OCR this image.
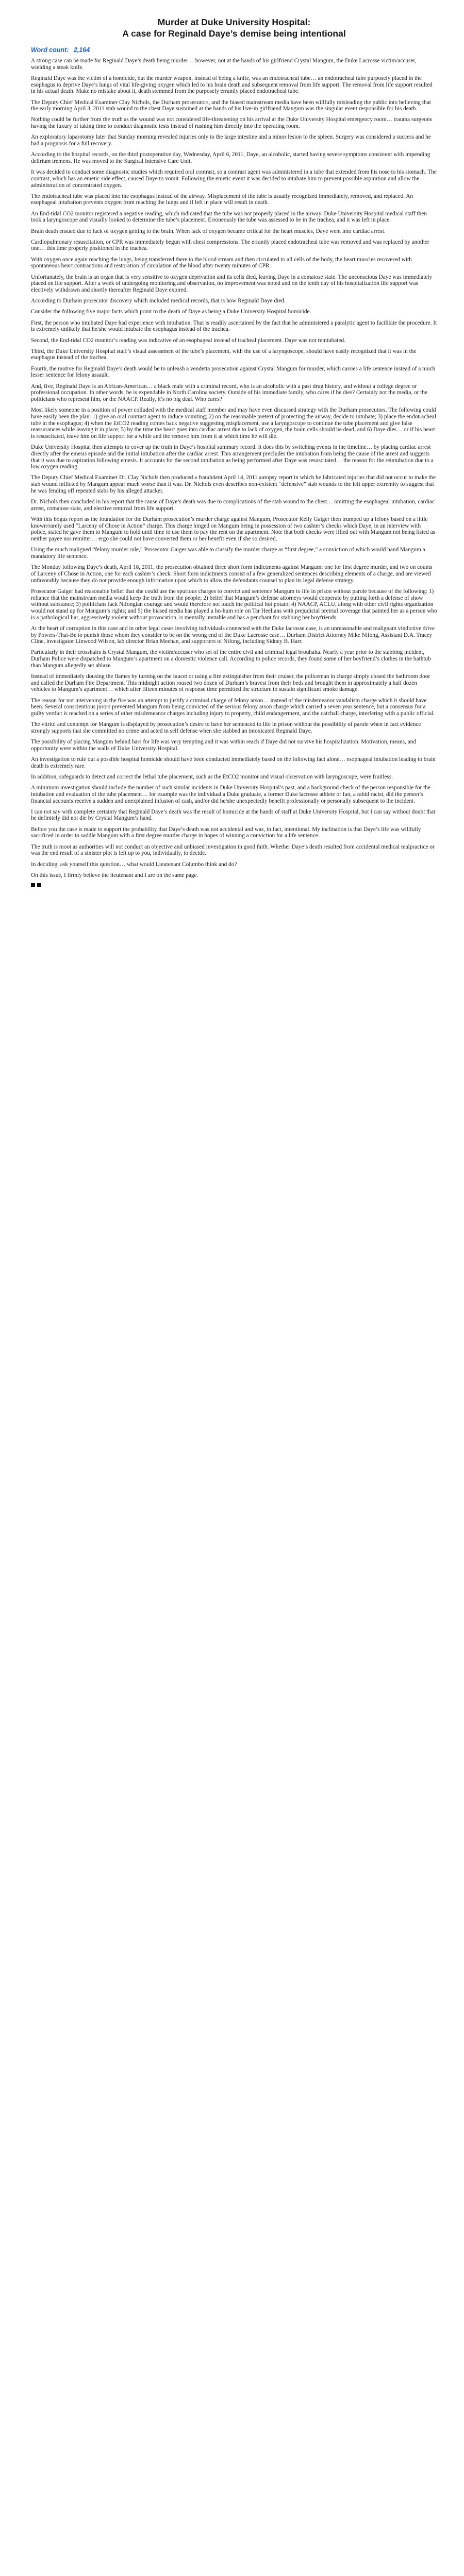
Murder at Duke University Hospital:
A case for Reginald Daye’s demise being intentional
Word count: 2,164

A strong case can be made for Reginald Daye’s death being murder… however, not at the hands of his girlfriend Crystal Mangum, the Duke Lacrosse victim/accuser, wielding a steak knife.

Reginald Daye was the victim of a homicide, but the murder weapon, instead of being a knife, was an endotracheal tube… an endotracheal tube purposely placed in the esophagus to deprive Daye’s lungs of vital life-giving oxygen which led to his brain death and subsequent removal from life support. The removal from life support resulted in his actual death. Make no mistake about it, death stemmed from the purposely errantly placed endotracheal tube.

The Deputy Chief Medical Examiner Clay Nichols, the Durham prosecutors, and the biased mainstream media have been willfully misleading the public into believing that the early morning April 3, 2011 stab wound to the chest Daye sustained at the hands of his live-in girlfriend Mangum was the singular event responsible for his death.

Nothing could be further from the truth as the wound was not considered life-threatening on his arrival at the Duke University Hospital emergency room… trauma surgeons having the luxury of taking time to conduct diagnostic tests instead of rushing him directly into the operating room.

An exploratory laparotomy later that Sunday morning revealed injuries only to the large intestine and a minor lesion to the spleen. Surgery was considered a success and he had a prognosis for a full recovery.

According to the hospital records, on the third postoperative day, Wednesday, April 6, 2011, Daye, an alcoholic, started having severe symptoms consistent with impending delirium tremens. He was moved to the Surgical Intensive Care Unit.

It was decided to conduct some diagnostic studies which required oral contrast, so a contrast agent was administered in a tube that extended from his nose to his stomach. The contrast, which has an emetic side effect, caused Daye to vomit. Following the emetic event it was decided to intubate him to prevent possible aspiration and allow the administration of concentrated oxygen.

The endotracheal tube was placed into the esophagus instead of the airway. Misplacement of the tube is usually recognized immediately, removed, and replaced. An esophageal intubation prevents oxygen from reaching the lungs and if left in place will result in death.

An End-tidal CO2 monitor registered a negative reading, which indicated that the tube was not properly placed in the airway. Duke University Hospital medical staff then took a laryngoscope and visually looked to determine the tube’s placement. Erroneously the tube was assessed to be in the trachea, and it was left in place.

Brain death ensued due to lack of oxygen getting to the brain. When lack of oxygen became critical for the heart muscles, Daye went into cardiac arrest.

Cardiopulmonary resuscitation, or CPR was immediately begun with chest compressions. The errantly placed endotracheal tube was removed and was replaced by another one… this time properly positioned in the trachea.

With oxygen once again reaching the lungs, being transferred there to the blood stream and then circulated to all cells of the body, the heart muscles recovered with spontaneous heart contractions and restoration of circulation of the blood after twenty minutes of CPR.

Unfortunately, the brain is an organ that is very sensitive to oxygen deprivation and its cells died, leaving Daye in a comatose state. The unconscious Daye was immediately placed on life support. After a week of undergoing monitoring and observation, no improvement was noted and on the tenth day of his hospitalization life support was electively withdrawn and shortly thereafter Reginald Daye expired.

According to Durham prosecutor discovery which included medical records, that is how Reginald Daye died.

Consider the following five major facts which point to the death of Daye as being a Duke University Hospital homicide.

First, the person who intubated Daye had experience with intubation. That is readily ascertained by the fact that he administered a paralytic agent to facilitate the procedure. It is extremely unlikely that he/she would intubate the esophagus instead of the trachea.

Second, the End-tidal CO2 monitor’s reading was indicative of an esophageal instead of tracheal placement. Daye was not reintubated.

Third, the Duke University Hospital staff’s visual assessment of the tube’s placement, with the use of a laryngoscope, should have easily recognized that it was in the esophagus instead of the trachea.

Fourth, the motive for Reginald Daye’s death would be to unleash a vendetta prosecution against Crystal Mangum for murder, which carries a life sentence instead of a much lesser sentence for felony assault.

And, five, Reginald Daye is an African-American… a black male with a criminal record, who is an alcoholic with a past drug history, and without a college degree or professional occupation. In other words, he is expendable in North Carolina society. Outside of his immediate family, who cares if he dies? Certainly not the media, or the politicians who represent him, or the NAACP. Really, it’s no big deal. Who cares?

Most likely someone in a position of power colluded with the medical staff member and may have even discussed strategy with the Durham prosecutors. The following could have easily been the plan: 1) give an oral contrast agent to induce vomiting; 2) on the reasonable pretext of protecting the airway, decide to intubate; 3) place the endotracheal tube in the esophagus; 4) when the EtCO2 reading comes back negative suggesting misplacement, use a laryngoscope to continue the tube placement and give false reassurances while leaving it in place; 5) by the time the heart goes into cardiac arrest due to lack of oxygen, the brain cells should be dead, and 6) Daye dies… or if his heart is resuscitated, leave him on life support for a while and the remove him from it at which time he will die.

Duke University Hospital then attempts to cover up the truth in Daye’s hospital summary record. It does this by switching events in the timeline… by placing cardiac arrest directly after the emesis episode and the initial intubation after the cardiac arrest. This arrangement precludes the intubation from being the cause of the arrest and suggests that it was due to aspiration following emesis. It accounts for the second intubation as being performed after Daye was resuscitated… the reason for the reintubation due to a low oxygen reading.

The Deputy Chief Medical Examiner Dr. Clay Nichols then produced a fraudulent April 14, 2011 autopsy report in which he fabricated injuries that did not occur to make the stab wound inflicted by Mangum appear much worse than it was. Dr. Nichols even describes non-existent “defensive” stab wounds to the left upper extremity to suggest that he was fending off repeated stabs by his alleged attacker.

Dr. Nichols then concluded in his report that the cause of Daye’s death was due to complications of the stab wound to the chest… omitting the esophageal intubation, cardiac arrest, comatose state, and elective removal from life support.

With this bogus report as the foundation for the Durham prosecution’s murder charge against Mangum, Prosecutor Kelly Gaiger then trumped up a felony based on a little known/rarely used “Larceny of Chose in Action” charge. This charge hinged on Mangum being in possession of two cashier’s checks which Daye, in an interview with police, stated he gave them to Mangum to hold until time to use them to pay the rent on the apartment. Note that both checks were filled out with Mangum not being listed as neither payee nor remitter… ergo she could not have converted them or her benefit even if she so desired.

Using the much maligned “felony murder rule,” Prosecutor Gaiger was able to classify the murder charge as “first degree,” a conviction of which would hand Mangum a mandatory life sentence.

The Monday following Daye’s death, April 18, 2011, the prosecution obtained three short form indictments against Mangum: one for first degree murder, and two on counts of Larceny of Chose in Action, one for each cashier’s check. Short form indictments consist of a few generalized sentences describing elements of a charge, and are viewed unfavorably because they do not provide enough information upon which to allow the defendants counsel to plan its legal defense strategy.

Prosecutor Gaiger had reasonable belief that she could use the spurious charges to convict and sentence Mangum to life in prison without parole because of the following: 1) reliance that the mainstream media would keep the truth from the people; 2) belief that Mangum’s defense attorneys would cooperate by putting forth a defense of show without substance; 3) politicians lack Nifongian courage and would therefore not touch the political hot potato; 4) NAACP, ACLU, along with other civil rights organization would not stand up for Mangum’s rights; and 5) the biased media has played a ho-hum role on Tar Heelians with prejudicial pretrial coverage that painted her as a person who is a pathological liar, aggressively violent without provocation, is mentally unstable and has a penchant for stabbing her boyfriends.

At the heart of corruption in this case and in other legal cases involving individuals connected with the Duke lacrosse case, is an unreasonable and malignant vindictive drive by Powers-That-Be to punish those whom they consider to be on the wrong end of the Duke Lacrosse case… Durham District Attorney Mike Nifong, Assistant D.A. Tracey Cline, investigator Linwood Wilson, lab director Brian Meehan, and supporters of Nifong, including Sidney B. Harr.

Particularly in their crosshairs is Crystal Mangum, the victim/accuser who set of the entire civil and criminal legal brouhaha. Nearly a year prior to the stabbing incident, Durham Police were dispatched to Mangum’s apartment on a domestic violence call. According to police records, they found some of her boyfriend’s clothes in the bathtub than Mangum allegedly set ablaze.

Instead of immediately dousing the flames by turning on the faucet or using a fire extinguisher from their cruiser, the policeman in charge simply closed the bathroom door and called the Durham Fire Department. This midnight action roused two dozen of Durham’s bravest from their beds and brought them in approximately a half dozen vehicles to Mangum’s apartment… which after fifteen minutes of response time permitted the structure to sustain significant smoke damage.

The reason for not intervening in the fire was an attempt to justify a criminal charge of felony arson… instead of the misdemeanor vandalism charge which it should have been. Several conscientious jurors prevented Mangum from being convicted of the serious felony arson charge which carried a seven year sentence, but a consensus for a guilty verdict is reached on a series of other misdemeanor charges including injury to property, child endangerment, and the catchall charge, interfering with a public official.

The vitriol and contempt for Mangum is displayed by prosecution’s desire to have her sentenced to life in prison without the possibility of parole when in fact evidence strongly supports that she committed no crime and acted in self defense when she stabbed an intoxicated Reginald Daye.

The possibility of placing Mangum behind bars for life was very tempting and it was within reach if Daye did not survive his hospitalization. Motivation, means, and opportunity were within the walls of Duke University Hospital.

An investigation to rule out a possible hospital homicide should have been conducted immediately based on the following fact alone… esophageal intubation leading to brain death is extremely rare.

In addition, safeguards to detect and correct the lethal tube placement, such as the EtCO2 monitor and visual observation with laryngoscope, were fruitless.

A minimum investigation should include the number of such similar incidents in Duke University Hospital’s past, and a background check of the person responsible for the intubation and evaluation of the tube placement… for example was the individual a Duke graduate, a former Duke lacrosse athlete or fan, a rabid racist, did the person’s financial accounts receive a sudden and unexplained infusion of cash, and/or did he/she unexpectedly benefit professionally or personally subsequent to the incident.

I can not say with complete certainty that Reginald Daye’s death was the result of homicide at the hands of staff at Duke University Hospital, but I can say without doubt that he definitely did not die by Crystal Mangum’s hand.

Before you the case is made to support the probability that Daye’s death was not accidental and was, in fact, intentional. My inclination is that Daye’s life was willfully sacrificed in order to saddle Mangum with a first degree murder charge in hopes of winning a conviction for a life sentence.

The truth is moot as authorities will not conduct an objective and unbiased investigation in good faith. Whether Daye’s death resulted from accidental medical malpractice or was the end result of a sinister plot is left up to you, individually, to decide.

In deciding, ask yourself this question… what would Lieutenant Columbo think and do?

On this issue, I firmly believe the lieutenant and I are on the same page.
